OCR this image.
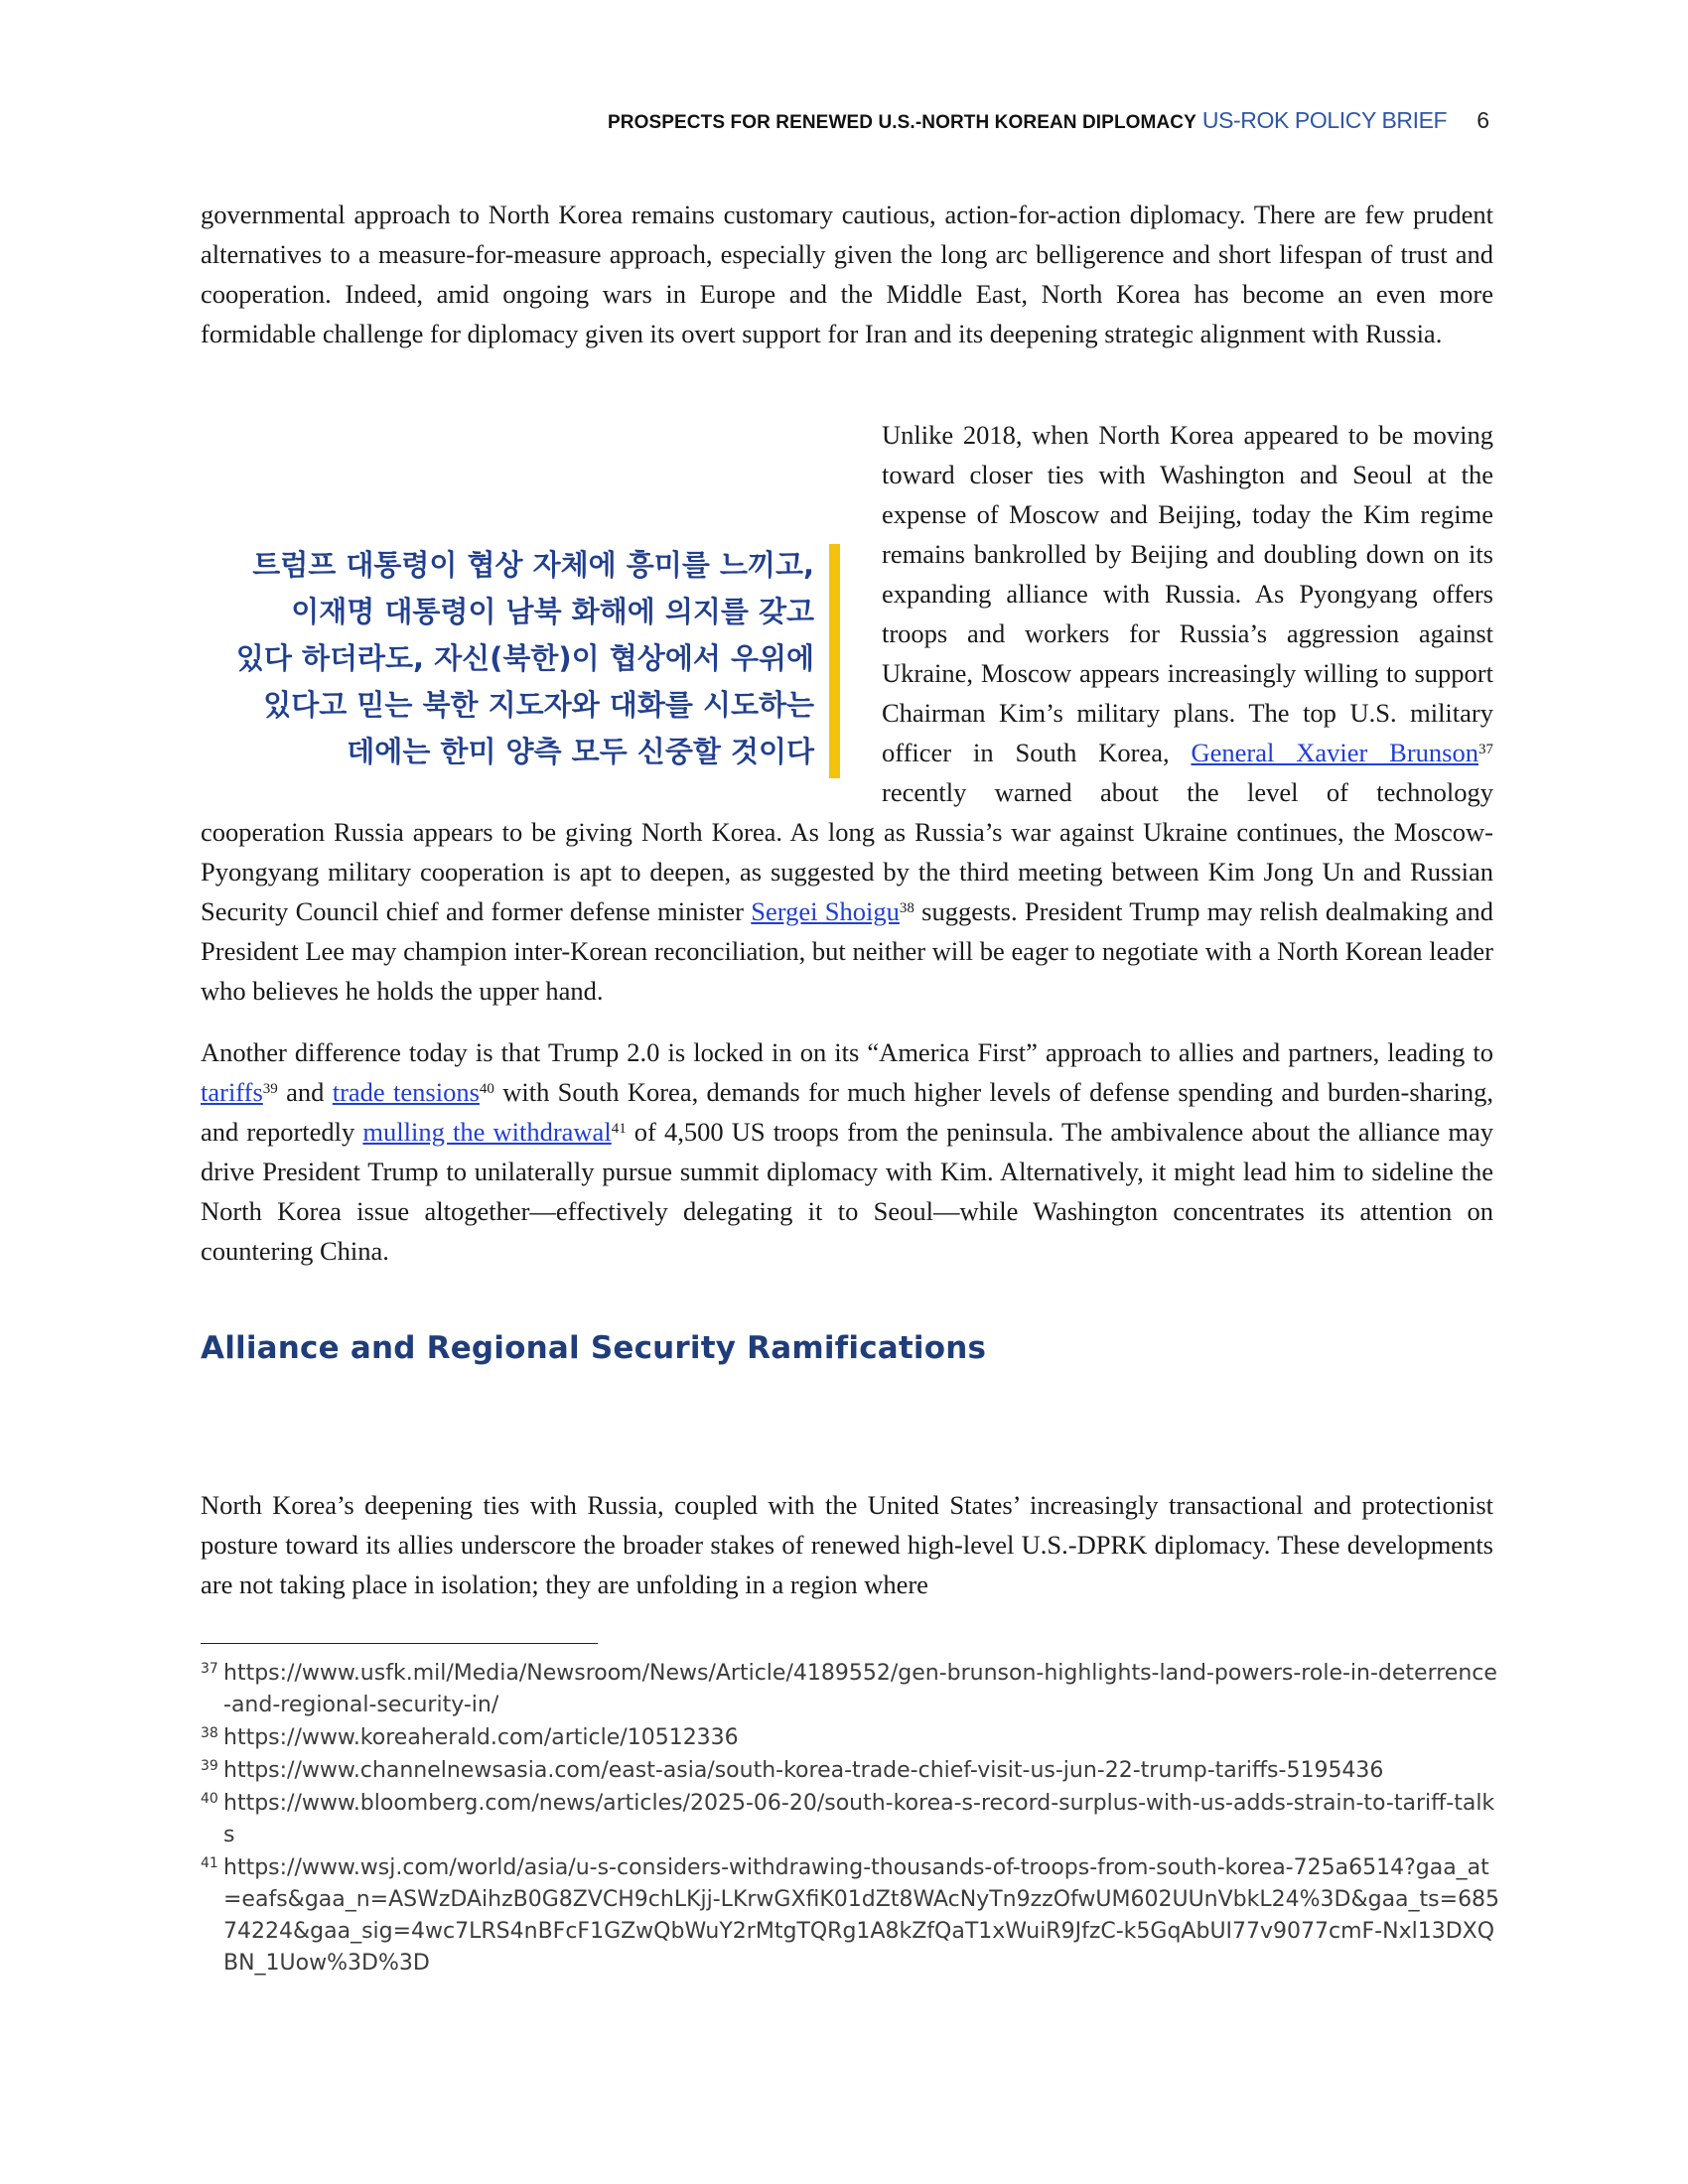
PROSPECTS FOR RENEWED U.S.-NORTH KOREAN DIPLOMACY US-ROK POLICY BRIEF 6

governmental approach to North Korea remains customary cautious, action-for-action diplomacy. There are few prudent alternatives to a measure-for-measure approach, especially given the long arc belligerence and short lifespan of trust and cooperation. Indeed, amid ongoing wars in Europe and the Middle East, North Korea has become an even more formidable challenge for diplomacy given its overt support for Iran and its deepening strategic alignment with Russia.

트럼프 대통령이 협상 자체에 흥미를 느끼고,
이재명 대통령이 남북 화해에 의지를 갖고
있다 하더라도, 자신(북한)이 협상에서 우위에
있다고 믿는 북한 지도자와 대화를 시도하는
데에는 한미 양측 모두 신중할 것이다

Unlike 2018, when North Korea appeared to be moving toward closer ties with Washington and Seoul at the expense of Moscow and Beijing, today the Kim regime remains bankrolled by Beijing and doubling down on its expanding alliance with Russia. As Pyongyang offers troops and workers for Russia’s aggression against Ukraine, Moscow appears increasingly willing to support Chairman Kim’s military plans. The top U.S. military officer in South Korea, General Xavier Brunson$^{37}$ recently warned about the level of technology cooperation Russia appears to be giving North Korea. As long as Russia’s war against Ukraine continues, the Moscow-Pyongyang military cooperation is apt to deepen, as suggested by the third meeting between Kim Jong Un and Russian Security Council chief and former defense minister Sergei Shoigu$^{38}$ suggests. President Trump may relish dealmaking and President Lee may champion inter-Korean reconciliation, but neither will be eager to negotiate with a North Korean leader who believes he holds the upper hand.

Another difference today is that Trump 2.0 is locked in on its “America First” approach to allies and partners, leading to tariffs$^{39}$ and trade tensions$^{40}$ with South Korea, demands for much higher levels of defense spending and burden-sharing, and reportedly mulling the withdrawal$^{41}$ of 4,500 US troops from the peninsula. The ambivalence about the alliance may drive President Trump to unilaterally pursue summit diplomacy with Kim. Alternatively, it might lead him to sideline the North Korea issue altogether—effectively delegating it to Seoul—while Washington concentrates its attention on countering China.

Alliance and Regional Security Ramifications

North Korea’s deepening ties with Russia, coupled with the United States’ increasingly transactional and protectionist posture toward its allies underscore the broader stakes of renewed high-level U.S.-DPRK diplomacy. These developments are not taking place in isolation; they are unfolding in a region where

37 https://www.usfk.mil/Media/Newsroom/News/Article/4189552/gen-brunson-highlights-land-powers-role-in-deterrence-and-regional-security-in/

38 https://www.koreaherald.com/article/10512336

39 https://www.channelnewsasia.com/east-asia/south-korea-trade-chief-visit-us-jun-22-trump-tariffs-5195436

40 https://www.bloomberg.com/news/articles/2025-06-20/south-korea-s-record-surplus-with-us-adds-strain-to-tariff-talks

41 https://www.wsj.com/world/asia/u-s-considers-withdrawing-thousands-of-troops-from-south-korea-725a6514?gaa_at=eafs&gaa_n=ASWzDAihzB0G8ZVCH9chLKjj-LKrwGXfiK01dZt8WAcNyTn9zzOfwUM602UUnVbkL24%3D&gaa_ts=68574224&gaa_sig=4wc7LRS4nBFcF1GZwQbWuY2rMtgTQRg1A8kZfQaT1xWuiR9JfzC-k5GqAbUI77v9077cmF-Nxl13DXQBN_1Uow%3D%3D
